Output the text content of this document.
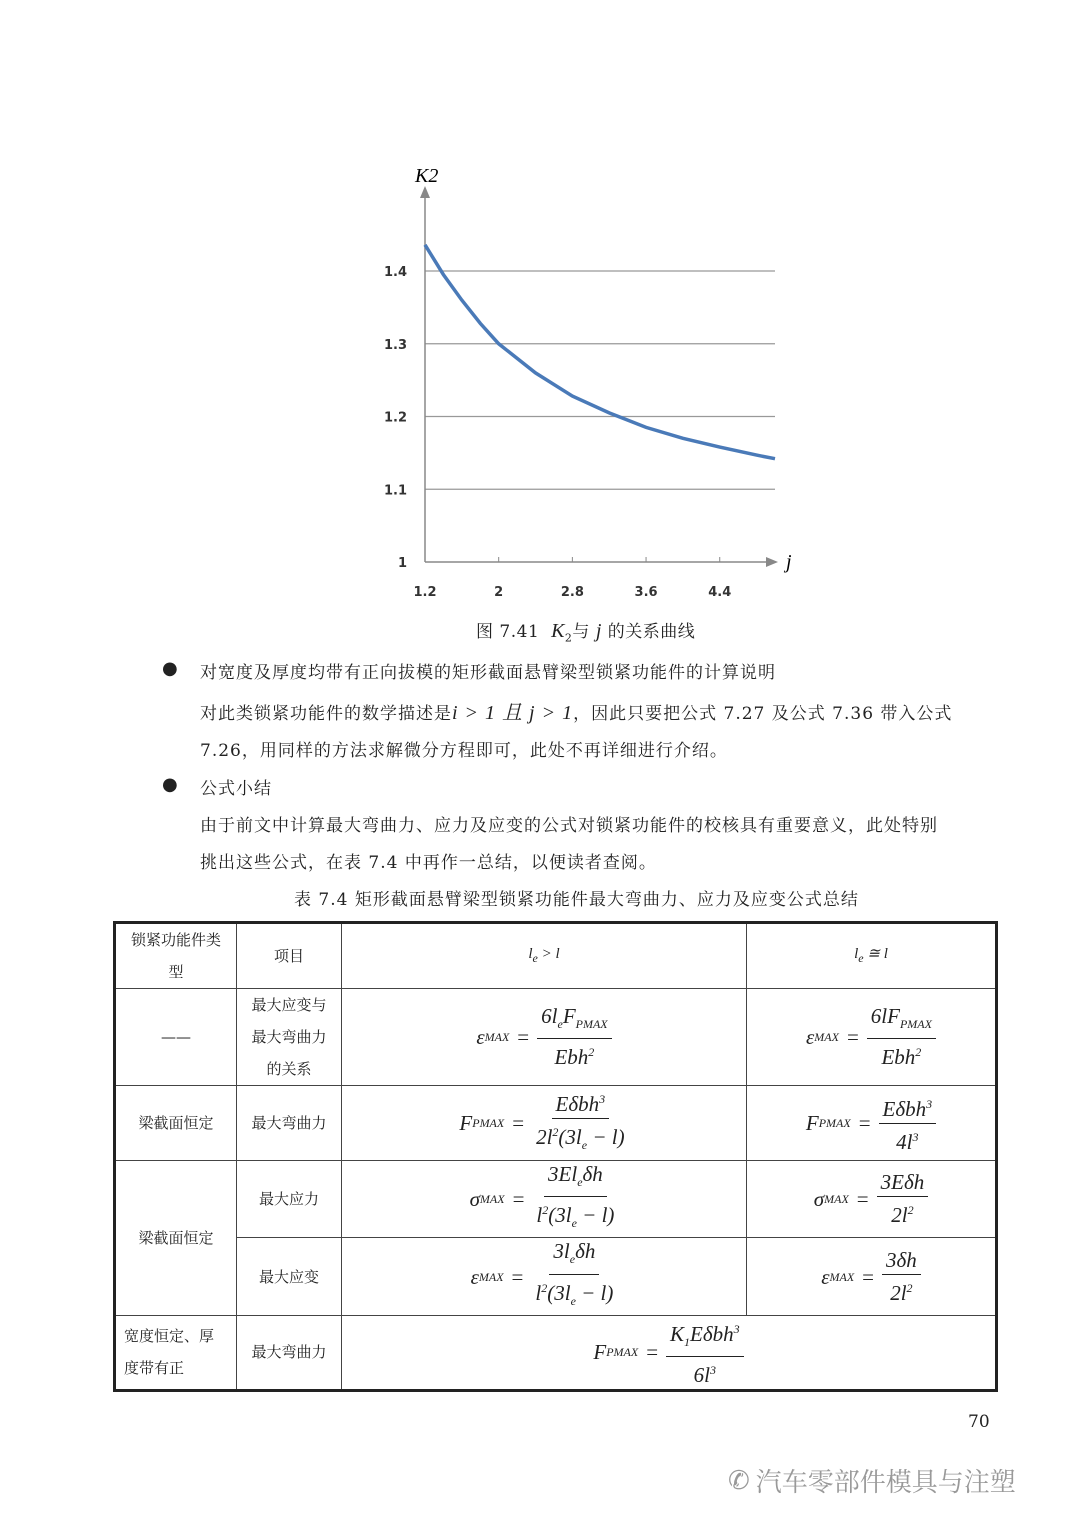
1
1.1
1.2
1.3
1.4
1.2	2	2.8	3.6	4.4
K2
j
图 7.41 $K_2$与 j 的关系曲线
● 对宽度及厚度均带有正向拔模的矩形截面悬臂梁型锁紧功能件的计算说明
对此类锁紧功能件的数学描述是i > 1 且 j > 1，因此只要把公式 7.27 及公式 7.36 带入公式
7.26，用同样的方法求解微分方程即可，此处不再详细进行介绍。
● 公式小结
由于前文中计算最大弯曲力、应力及应变的公式对锁紧功能件的校核具有重要意义，此处特别
挑出这些公式，在表 7.4 中再作一总结，以便读者查阅。
表 7.4 矩形截面悬臂梁型锁紧功能件最大弯曲力、应力及应变公式总结
锁紧功能件类型	项目	$l_e > l$	$l_e$ ≅ l
——	最大应变与最大弯曲力的关系	ε MAX = $\frac{6l_eF_{PMAX}}{Ebh^2}$	ε MAX = $\frac{6lF_{PMAX}}{Ebh^2}$

梁截面恒定	最大弯曲力	F PMAX = $\frac{E\delta bh^3}{2l^2(3l_e - l)}$	F PMAX = $\frac{E\delta bh^3}{4l^3}$

梁截面恒定	最大应力	σ MAX = $\frac{3El_e\delta h}{l^2(3l_e - l)}$	σ MAX = $\frac{\text{3Eδh}}{2l^2}$

	最大应变	ε MAX = $\frac{3l_e\delta h}{l^2(3l_e - l)}$	ε MAX = $\frac{3\delta h}{2l^2}$

宽度恒定、厚度带有正	最大弯曲力	F PMAX = $\frac{K_1E\delta bh^3}{6l^3}$
70
✆ 汽车零部件模具与注塑
